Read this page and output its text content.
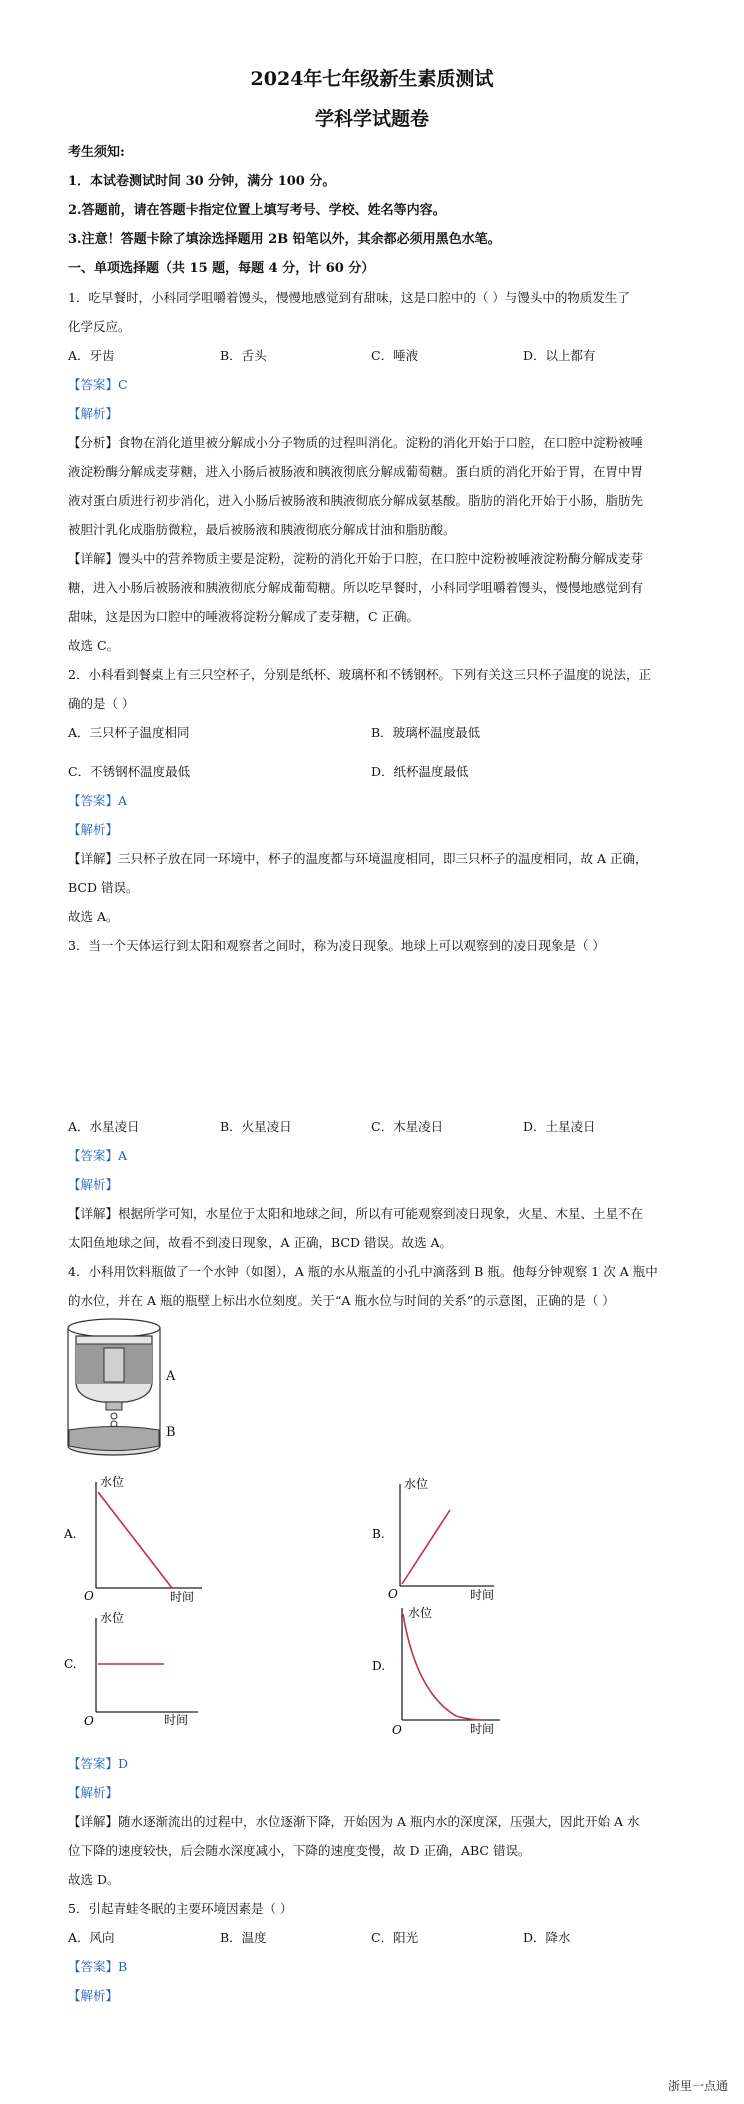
2024年七年级新生素质测试
学科学试题卷
考生须知:
1．本试卷测试时间 30 分钟，满分 100 分。
2.答题前，请在答题卡指定位置上填写考号、学校、姓名等内容。
3.注意！答题卡除了填涂选择题用 2B 铅笔以外，其余都必须用黑色水笔。
一、单项选择题（共 15 题，每题 4 分，计 60 分）
1．吃早餐时，小科同学咀嚼着馒头，慢慢地感觉到有甜味，这是口腔中的（ ）与馒头中的物质发生了
化学反应。
A．牙齿	B．舌头	C．唾液	D．以上都有
【答案】C
【解析】
【分析】食物在消化道里被分解成小分子物质的过程叫消化。淀粉的消化开始于口腔，在口腔中淀粉被唾
液淀粉酶分解成麦芽糖，进入小肠后被肠液和胰液彻底分解成葡萄糖。蛋白质的消化开始于胃，在胃中胃
液对蛋白质进行初步消化，进入小肠后被肠液和胰液彻底分解成氨基酸。脂肪的消化开始于小肠，脂肪先
被胆汁乳化成脂肪微粒，最后被肠液和胰液彻底分解成甘油和脂肪酸。
【详解】馒头中的营养物质主要是淀粉，淀粉的消化开始于口腔，在口腔中淀粉被唾液淀粉酶分解成麦芽
糖，进入小肠后被肠液和胰液彻底分解成葡萄糖。所以吃早餐时，小科同学咀嚼着馒头，慢慢地感觉到有
甜味，这是因为口腔中的唾液将淀粉分解成了麦芽糖，C 正确。
故选 C。
2．小科看到餐桌上有三只空杯子，分别是纸杯、玻璃杯和不锈钢杯。下列有关这三只杯子温度的说法，正
确的是（ ）
A．三只杯子温度相同	B．玻璃杯温度最低
C．不锈钢杯温度最低	D．纸杯温度最低
【答案】A
【解析】
【详解】三只杯子放在同一环境中，杯子的温度都与环境温度相同，即三只杯子的温度相同，故 A 正确，
BCD 错误。
故选 A。
3．当一个天体运行到太阳和观察者之间时，称为凌日现象。地球上可以观察到的凌日现象是（ ）
A．水星凌日	B．火星凌日	C．木星凌日	D．土星凌日
【答案】A
【解析】
【详解】根据所学可知，水星位于太阳和地球之间，所以有可能观察到凌日现象，火星、木星、土星不在
太阳鱼地球之间，故看不到凌日现象，A 正确，BCD 错误。故选 A。
4．小科用饮料瓶做了一个水钟（如图），A 瓶的水从瓶盖的小孔中滴落到 B 瓶。他每分钟观察 1 次 A 瓶中
的水位，并在 A 瓶的瓶壁上标出水位刻度。关于“A 瓶水位与时间的关系”的示意图，正确的是（ ）
A
B
A.
水位
时间
O
B.
水位
时间
O
C.
水位
时间
O
D.
水位
时间
O
【答案】D
【解析】
【详解】随水逐渐流出的过程中，水位逐渐下降，开始因为 A 瓶内水的深度深，压强大，因此开始 A 水
位下降的速度较快，后会随水深度减小，下降的速度变慢，故 D 正确，ABC 错误。
故选 D。
5．引起青蛙冬眠的主要环境因素是（ ）
A．风向	B．温度	C．阳光	D．降水
【答案】B
【解析】
浙里一点通
